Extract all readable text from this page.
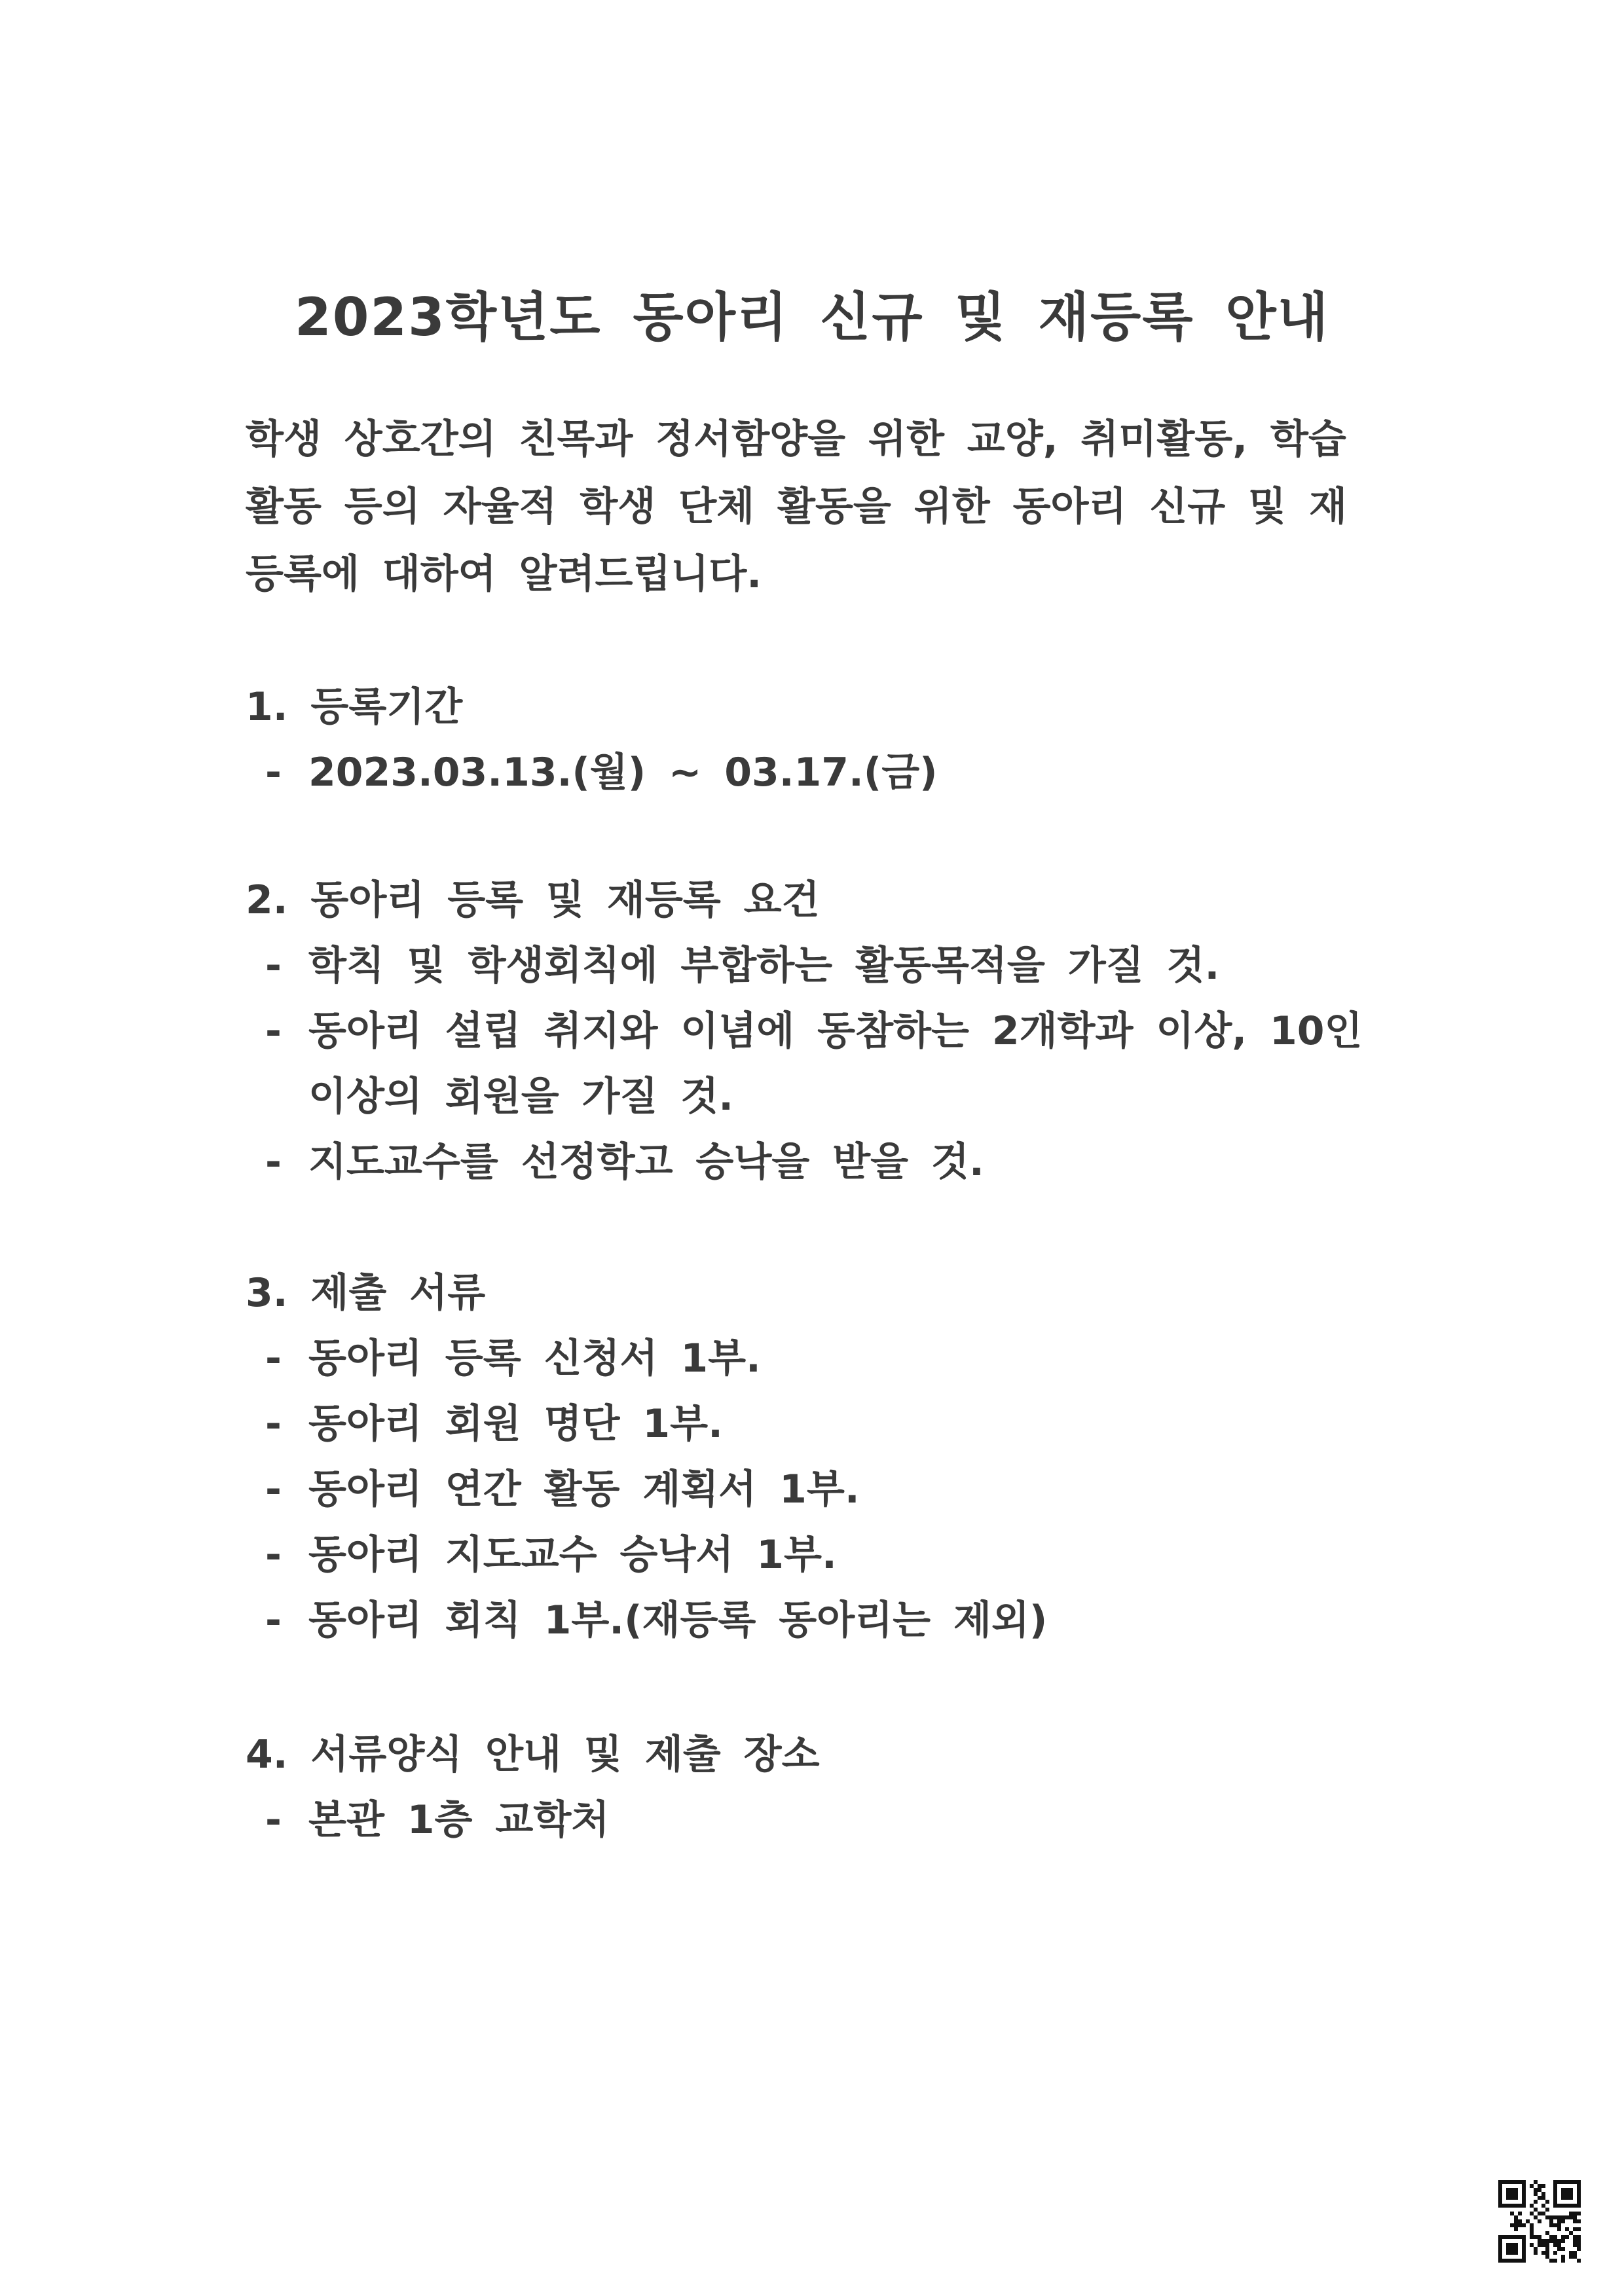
2023학년도 동아리 신규 및 재등록 안내
학생 상호간의 친목과 정서함양을 위한 교양, 취미활동, 학습
활동 등의 자율적 학생 단체 활동을 위한 동아리 신규 및 재
등록에 대하여 알려드립니다.
1. 등록기간
- 2023.03.13.(월) ~ 03.17.(금)
2. 동아리 등록 및 재등록 요건
- 학칙 및 학생회칙에 부합하는 활동목적을 가질 것.
- 동아리 설립 취지와 이념에 동참하는 2개학과 이상, 10인
이상의 회원을 가질 것.
- 지도교수를 선정학고 승낙을 받을 것.
3. 제출 서류
- 동아리 등록 신청서 1부.
- 동아리 회원 명단 1부.
- 동아리 연간 활동 계획서 1부.
- 동아리 지도교수 승낙서 1부.
- 동아리 회칙 1부.(재등록 동아리는 제외)
4. 서류양식 안내 및 제출 장소
- 본관 1층 교학처
